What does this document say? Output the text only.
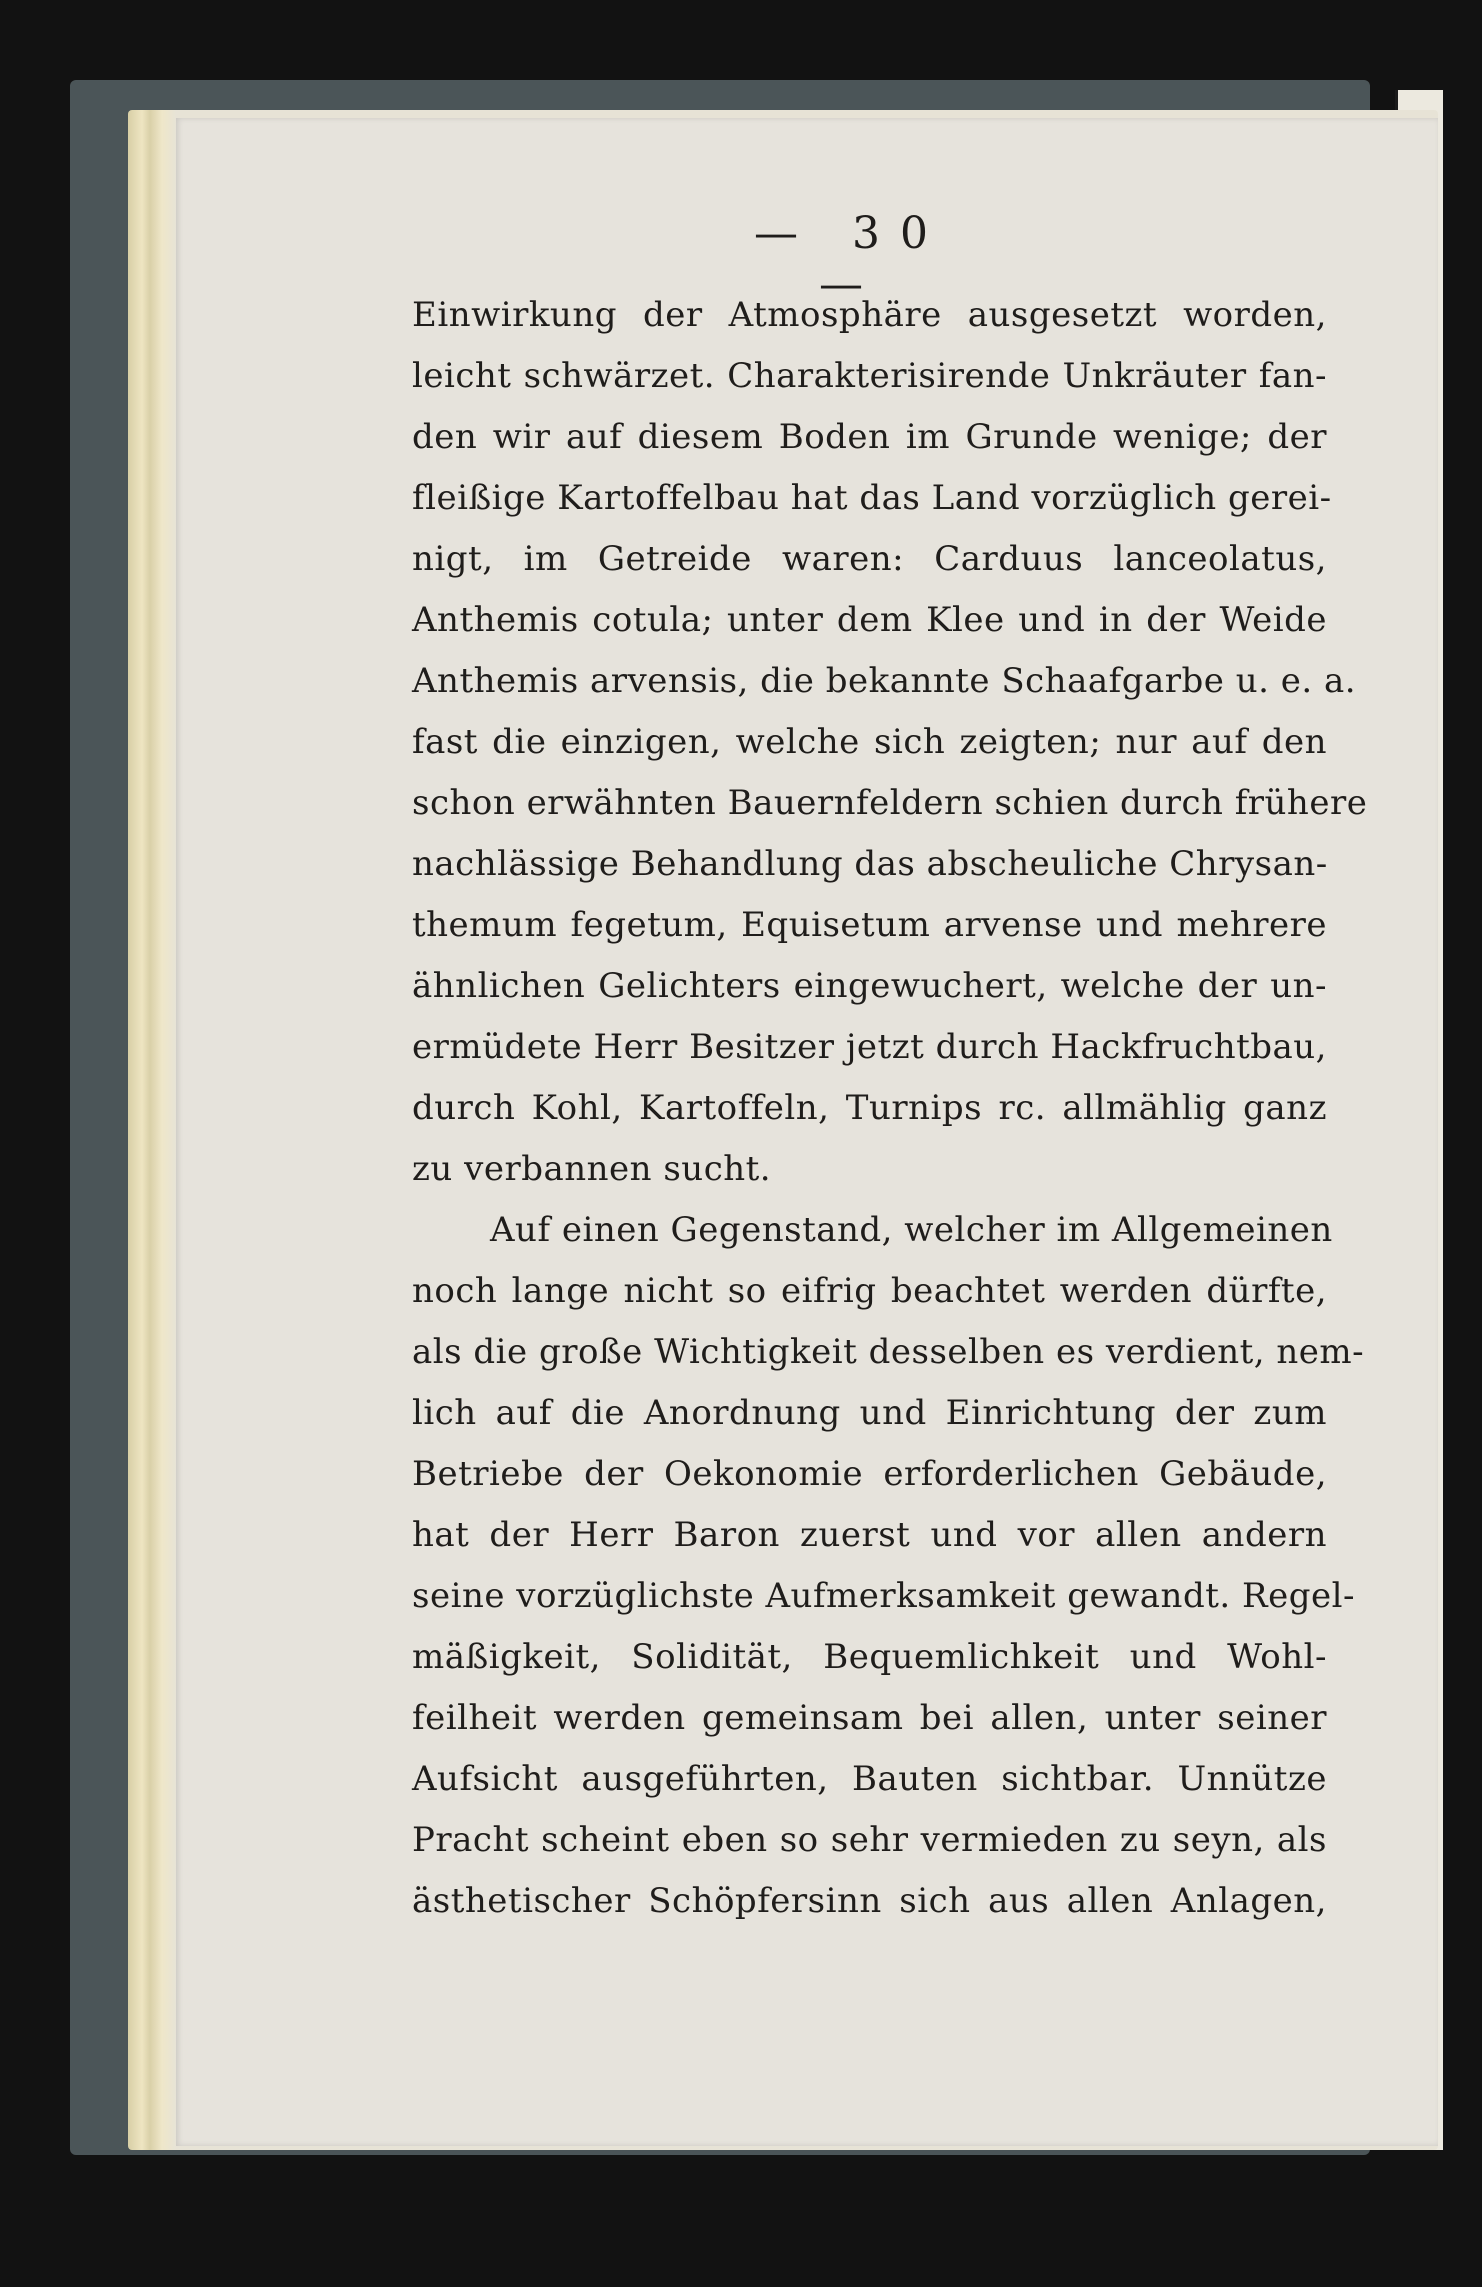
— 30 —
Einwirkung der Atmosphäre ausgesetzt worden,
leicht schwärzet. Charakterisirende Unkräuter fan-
den wir auf diesem Boden im Grunde wenige; der
fleißige Kartoffelbau hat das Land vorzüglich gerei-
nigt, im Getreide waren: Carduus lanceolatus,
Anthemis cotula; unter dem Klee und in der Weide
Anthemis arvensis, die bekannte Schaafgarbe u. e. a.
fast die einzigen, welche sich zeigten; nur auf den
schon erwähnten Bauernfeldern schien durch frühere
nachlässige Behandlung das abscheuliche Chrysan-
themum fegetum, Equisetum arvense und mehrere
ähnlichen Gelichters eingewuchert, welche der un-
ermüdete Herr Besitzer jetzt durch Hackfruchtbau,
durch Kohl, Kartoffeln, Turnips rc. allmählig ganz
zu verbannen sucht.
Auf einen Gegenstand, welcher im Allgemeinen
noch lange nicht so eifrig beachtet werden dürfte,
als die große Wichtigkeit desselben es verdient, nem-
lich auf die Anordnung und Einrichtung der zum
Betriebe der Oekonomie erforderlichen Gebäude,
hat der Herr Baron zuerst und vor allen andern
seine vorzüglichste Aufmerksamkeit gewandt. Regel-
mäßigkeit, Solidität, Bequemlichkeit und Wohl-
feilheit werden gemeinsam bei allen, unter seiner
Aufsicht ausgeführten, Bauten sichtbar. Unnütze
Pracht scheint eben so sehr vermieden zu seyn, als
ästhetischer Schöpfersinn sich aus allen Anlagen,
